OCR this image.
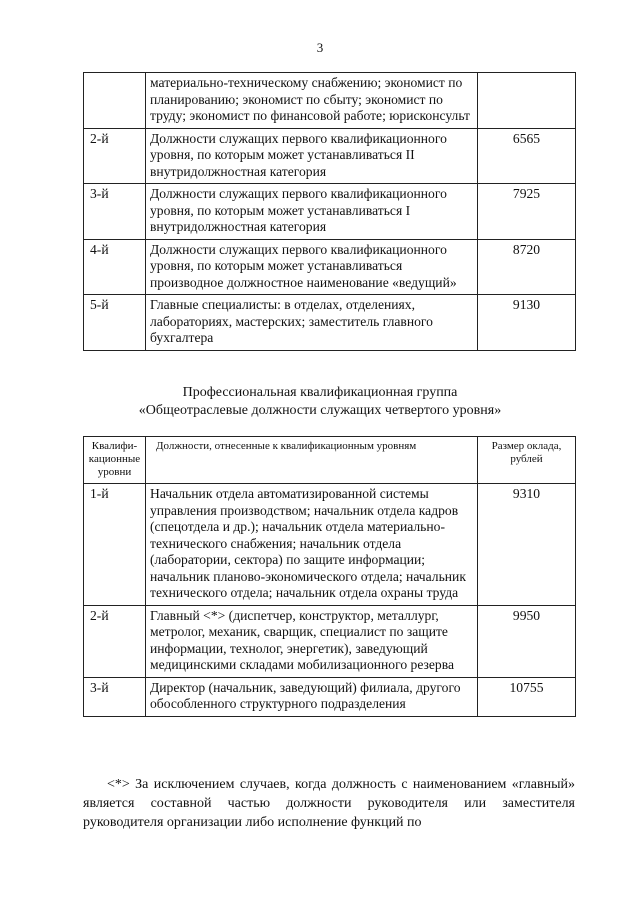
3
	материально-техническому снабжению; экономист по планированию; экономист по сбыту; экономист по труду; экономист по финансовой работе; юрисконсульт	
2-й	Должности служащих первого квалификационного уровня, по которым может устанавливаться II внутридолжностная категория	6565
3-й	Должности служащих первого квалификационного уровня, по которым может устанавливаться I внутридолжностная категория	7925
4-й	Должности служащих первого квалификационного уровня, по которым может устанавливаться производное должностное наименование «ведущий»	8720
5-й	Главные специалисты: в отделах, отделениях, лабораториях, мастерских; заместитель главного бухгалтера	9130
Профессиональная квалификационная группа
«Общеотраслевые должности служащих четвертого уровня»
Квалифи-кационные уровни	Должности, отнесенные к квалификационным уровням	Размер оклада, рублей
1-й	Начальник отдела автоматизированной системы управления производством; начальник отдела кадров (спецотдела и др.); начальник отдела материально-технического снабжения; начальник отдела (лаборатории, сектора) по защите информации; начальник планово-экономического отдела; начальник технического отдела; начальник отдела охраны труда	9310
2-й	Главный <*> (диспетчер, конструктор, металлург, метролог, механик, сварщик, специалист по защите информации, технолог, энергетик), заведующий медицинскими складами мобилизационного резерва	9950
3-й	Директор (начальник, заведующий) филиала, другого обособленного структурного подразделения	10755
<*> За исключением случаев, когда должность с наименованием «главный» является составной частью должности руководителя или заместителя руководителя организации либо исполнение функций по
